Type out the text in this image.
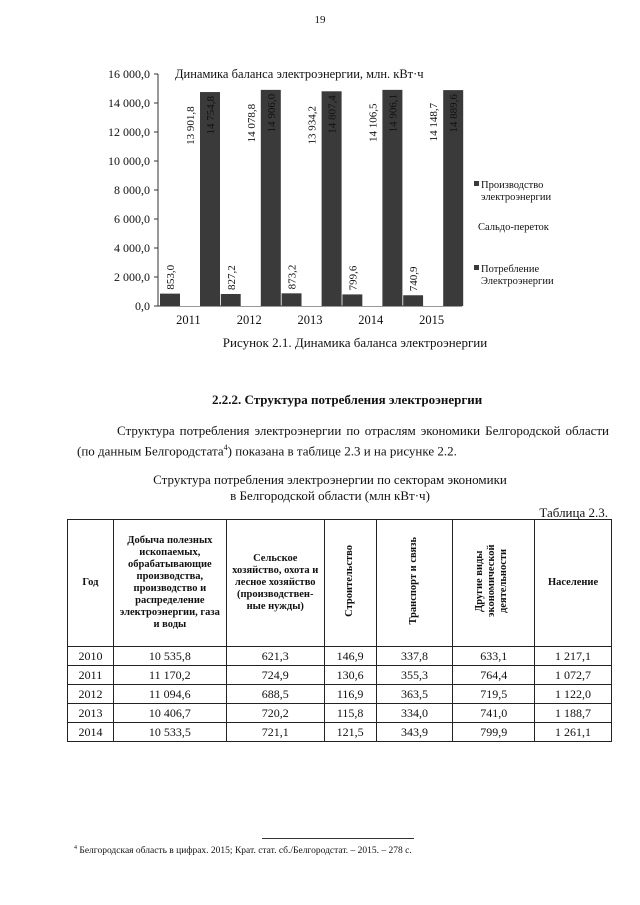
19
0,0
2 000,0
4 000,0
6 000,0
8 000,0
10 000,0
12 000,0
14 000,0
16 000,0
2011
853,0
13 901,8 14 754,8
2012
827,2
14 078,8 14 906,0
2013
873,2
13 934,2 14 807,4
2014
799,6
14 106,5 14 906,1
2015
740,9
14 148,7 14 889,6
Производство
электроэнергии
Сальдо-переток
Потребление
Электроэнергии
Динамика баланса электроэнергии, млн. кВт·ч
Рисунок 2.1. Динамика баланса электроэнергии
2.2.2. Структура потребления электроэнергии
Структура потребления электроэнергии по отраслям экономики Белгородской области (по данным Белгородстата$^4$) показана в таблице 2.3 и на рисунке 2.2.
Структура потребления электроэнергии по секторам экономики
в Белгородской области (млн кВт·ч)
Таблица 2.3.
Год	Добыча полезных ископаемых, обрабатывающие производства, производство и распределение электроэнергии, газа и воды	Сельское хозяйство, охота и лесное хозяйство (производствен-ные нужды)	Строительство	Транспорт и связь	Другие виды экономической деятельности	Население
2010	10 535,8	621,3	146,9	337,8	633,1	1 217,1
2011	11 170,2	724,9	130,6	355,3	764,4	1 072,7
2012	11 094,6	688,5	116,9	363,5	719,5	1 122,0
2013	10 406,7	720,2	115,8	334,0	741,0	1 188,7
2014	10 533,5	721,1	121,5	343,9	799,9	1 261,1
$^4$ Белгородская область в цифрах. 2015; Крат. стат. сб./Белгородстат. – 2015. – 278 с.
